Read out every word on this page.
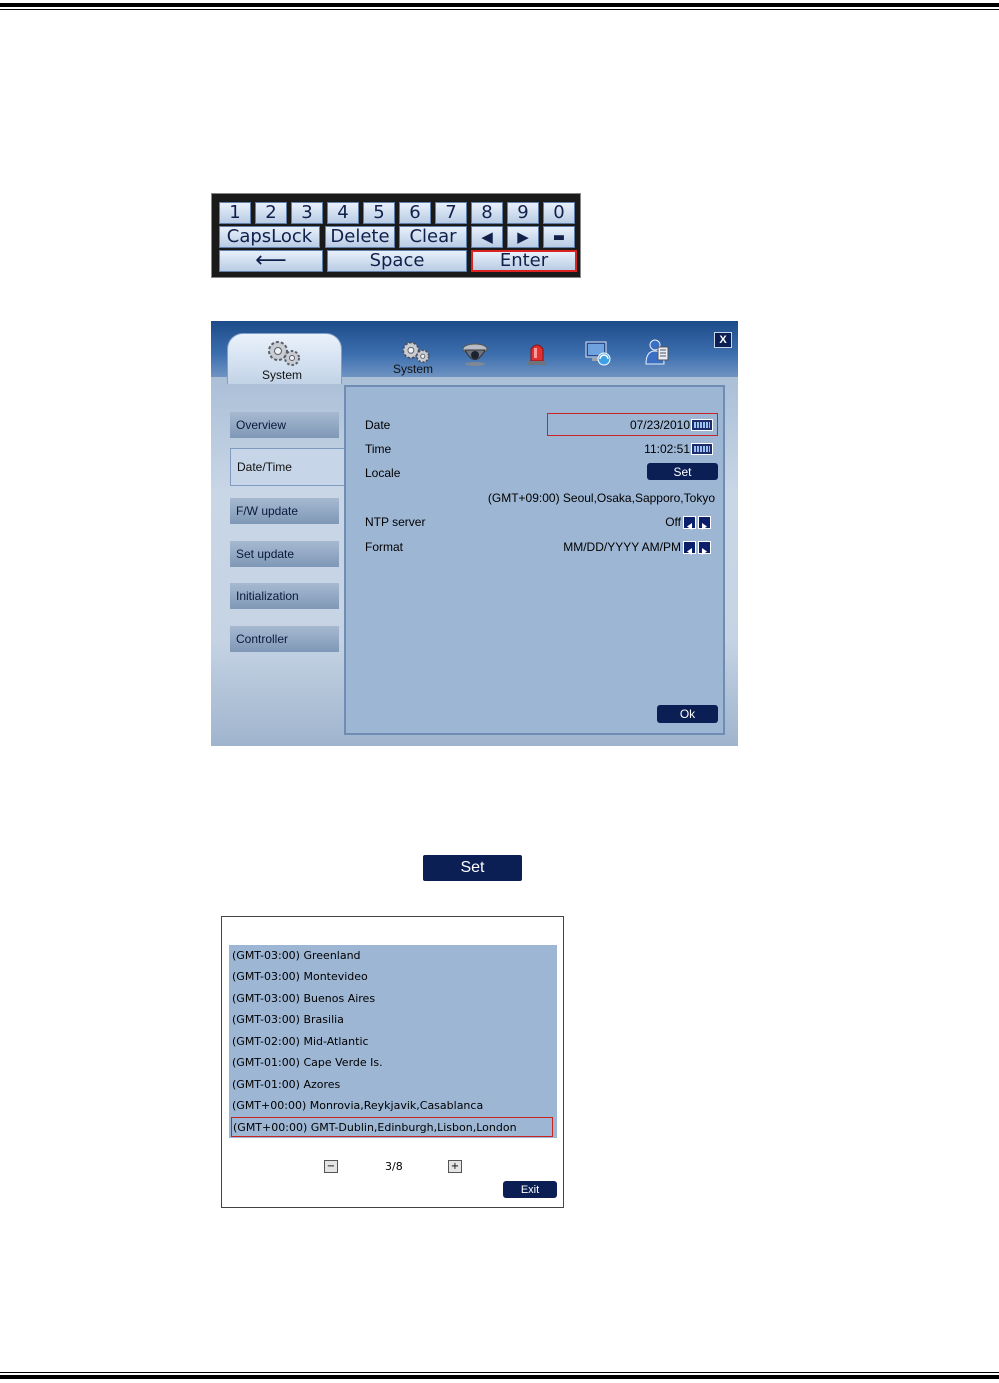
1	2	3	4	5	6	7	8	9	0
CapsLock	Delete	Clear	◀	▶	▬
⟵	Space	Enter
System	System
X
Overview
Date/Time
F/W update
Set update
Initialization
Controller
Date	07/23/2010
Time	11:02:51
Locale	Set
(GMT+09:00) Seoul,Osaka,Sapporo,Tokyo
NTP server	Off
Format	MM/DD/YYYY AM/PM
Ok
Set
(GMT-03:00) Greenland
(GMT-03:00) Montevideo
(GMT-03:00) Buenos Aires
(GMT-03:00) Brasilia
(GMT-02:00) Mid-Atlantic
(GMT-01:00) Cape Verde Is.
(GMT-01:00) Azores
(GMT+00:00) Monrovia,Reykjavik,Casablanca
(GMT+00:00) GMT-Dublin,Edinburgh,Lisbon,London
−	3/8	+
Exit
